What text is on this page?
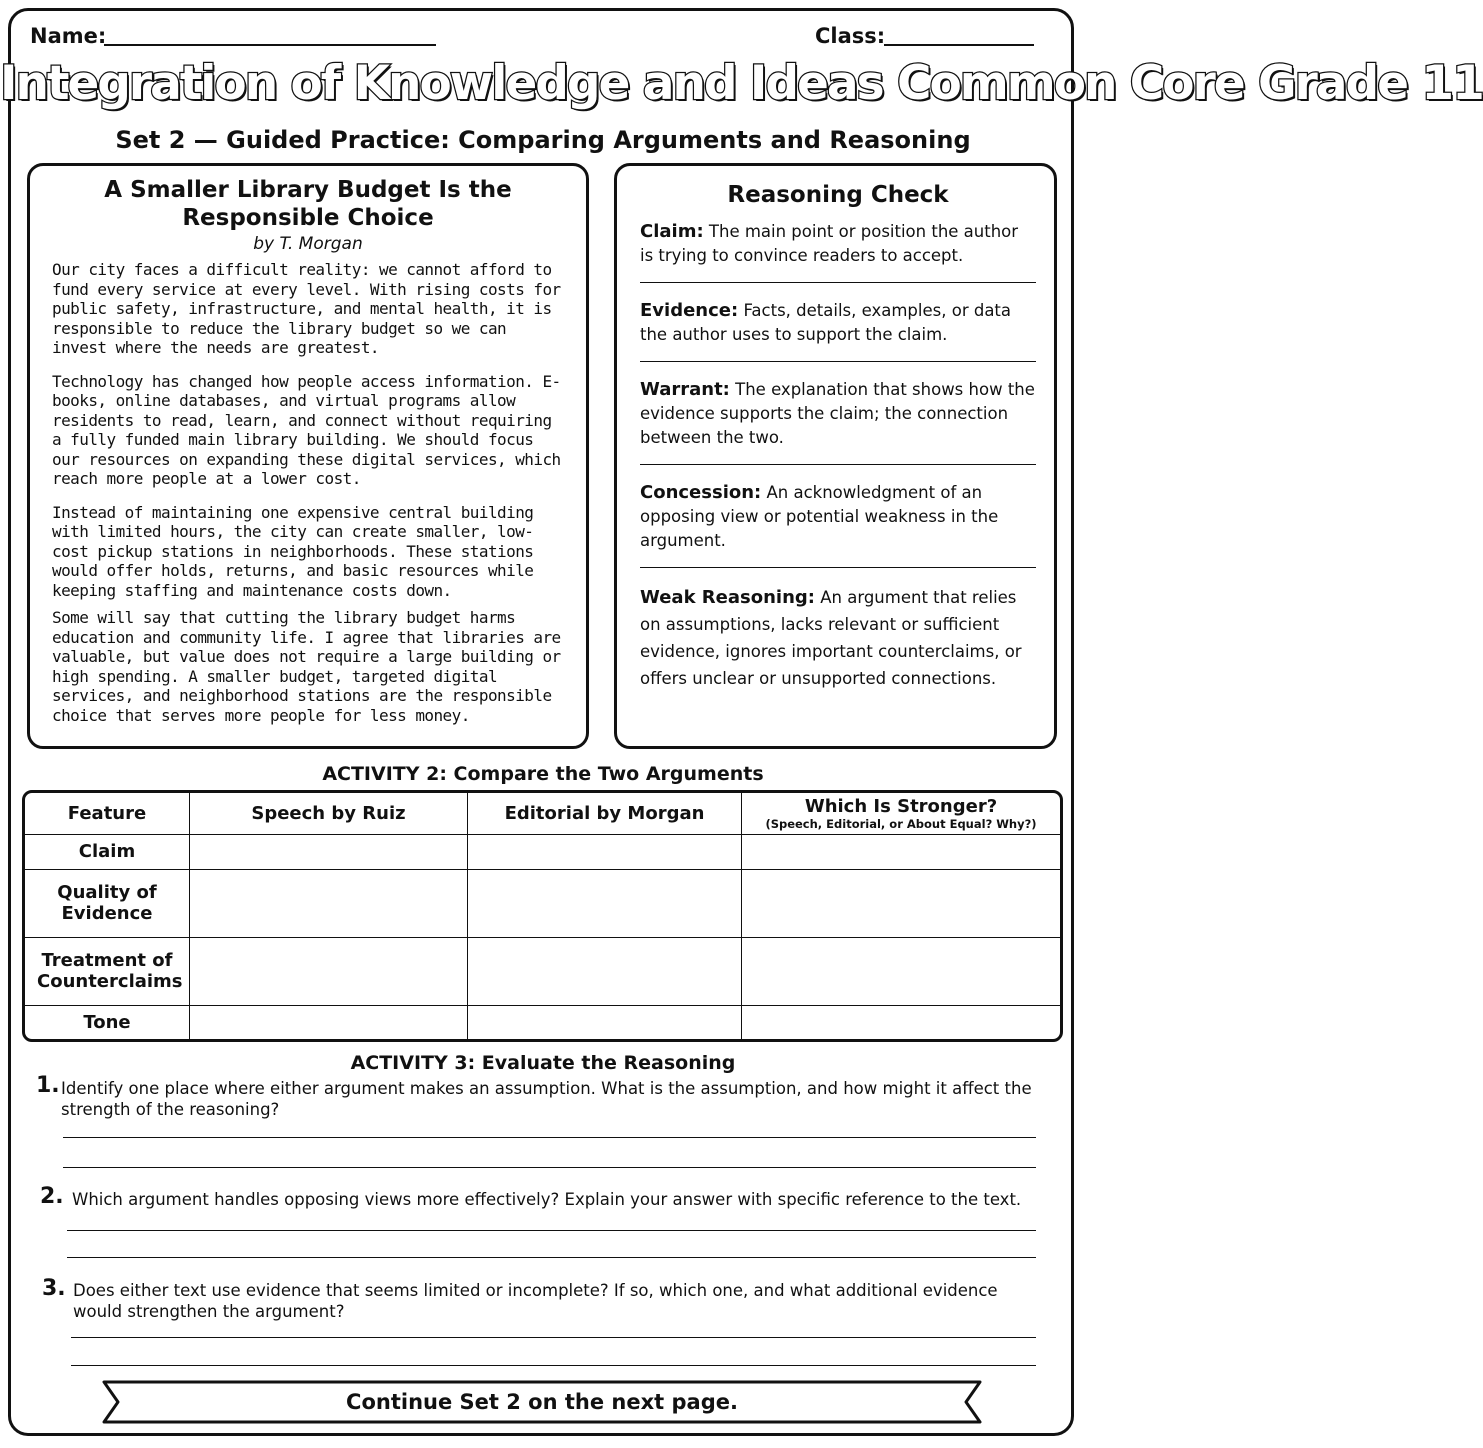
Name:	Class:
Integration of Knowledge and Ideas Common Core Grade 11
Set 2 — Guided Practice: Comparing Arguments and Reasoning
A Smaller Library Budget Is the Responsible Choice
by T. Morgan

Our city faces a difficult reality: we cannot afford to fund every service at every level. With rising costs for public safety, infrastructure, and mental health, it is responsible to reduce the library budget so we can invest where the needs are greatest.

Technology has changed how people access information. E-books, online databases, and virtual programs allow residents to read, learn, and connect without requiring a fully funded main library building. We should focus our resources on expanding these digital services, which reach more people at a lower cost.

Instead of maintaining one expensive central building with limited hours, the city can create smaller, low-cost pickup stations in neighborhoods. These stations would offer holds, returns, and basic resources while keeping staffing and maintenance costs down.

Some will say that cutting the library budget harms education and community life. I agree that libraries are valuable, but value does not require a large building or high spending. A smaller budget, targeted digital services, and neighborhood stations are the responsible choice that serves more people for less money.

Reasoning Check
Claim: The main point or position the author is trying to convince readers to accept.
Evidence: Facts, details, examples, or data the author uses to support the claim.
Warrant: The explanation that shows how the evidence supports the claim; the connection between the two.
Concession: An acknowledgment of an opposing view or potential weakness in the argument.
Weak Reasoning: An argument that relies on assumptions, lacks relevant or sufficient evidence, ignores important counterclaims, or offers unclear or unsupported connections.
ACTIVITY 2: Compare the Two Arguments
Feature	Speech by Ruiz	Editorial by Morgan	Which Is Stronger?
(Speech, Editorial, or About Equal? Why?)

Claim			
Quality of Evidence			
Treatment of Counterclaims			
Tone			
ACTIVITY 3: Evaluate the Reasoning
1. Identify one place where either argument makes an assumption. What is the assumption, and how might it affect the strength of the reasoning?
2. Which argument handles opposing views more effectively? Explain your answer with specific reference to the text.
3. Does either text use evidence that seems limited or incomplete? If so, which one, and what additional evidence would strengthen the argument?
Continue Set 2 on the next page.
